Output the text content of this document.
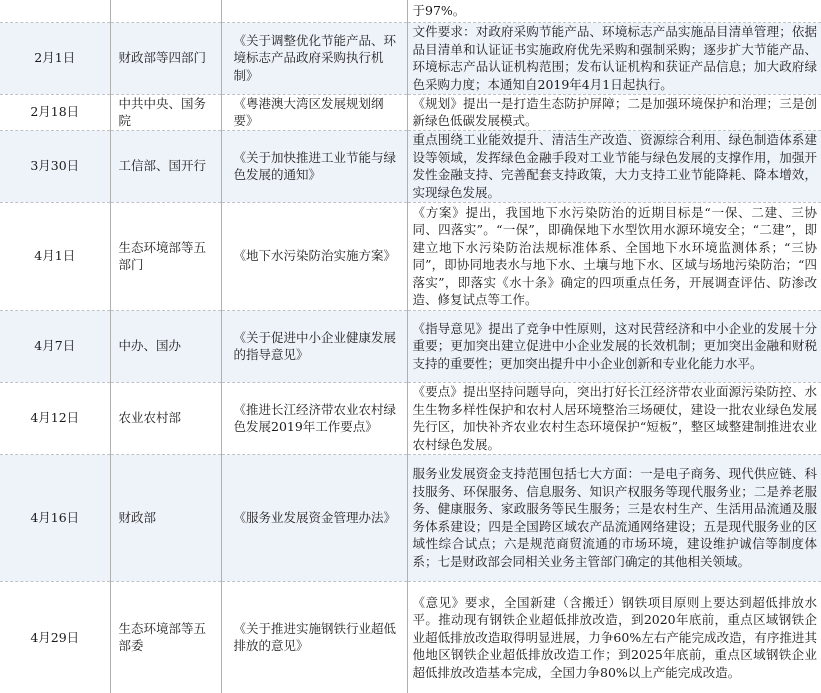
			于97%。

2月1日	财政部等四部门	《关于调整优化节能产品、环境标志产品政府采购执行机制》	文件要求：对政府采购节能产品、环境标志产品实施品目清单管理；依据品目清单和认证证书实施政府优先采购和强制采购；逐步扩大节能产品、环境标志产品认证机构范围；发布认证机构和获证产品信息；加大政府绿色采购力度；本通知自2019年4月1日起执行。

2月18日	中共中央、国务院	《粤港澳大湾区发展规划纲要》	《规划》提出一是打造生态防护屏障；二是加强环境保护和治理；三是创新绿色低碳发展模式。

3月30日	工信部、国开行	《关于加快推进工业节能与绿色发展的通知》	重点围绕工业能效提升、清洁生产改造、资源综合利用、绿色制造体系建设等领域，发挥绿色金融手段对工业节能与绿色发展的支撑作用，加强开发性金融支持、完善配套支持政策，大力支持工业节能降耗、降本增效，实现绿色发展。

4月1日	生态环境部等五部门	《地下水污染防治实施方案》	《方案》提出，我国地下水污染防治的近期目标是“一保、二建、三协同、四落实”。“一保”，即确保地下水型饮用水源环境安全；“二建”，即建立地下水污染防治法规标准体系、全国地下水环境监测体系；“三协同”，即协同地表水与地下水、土壤与地下水、区域与场地污染防治；“四落实”，即落实《水十条》确定的四项重点任务，开展调查评估、防渗改造、修复试点等工作。

4月7日	中办、国办	《关于促进中小企业健康发展的指导意见》	《指导意见》提出了竞争中性原则，这对民营经济和中小企业的发展十分重要；更加突出建立促进中小企业发展的长效机制；更加突出金融和财税支持的重要性；更加突出提升中小企业创新和专业化能力水平。

4月12日	农业农村部	《推进长江经济带农业农村绿色发展2019年工作要点》	《要点》提出坚持问题导向，突出打好长江经济带农业面源污染防控、水生生物多样性保护和农村人居环境整治三场硬仗，建设一批农业绿色发展先行区，加快补齐农业农村生态环境保护“短板”，整区域整建制推进农业农村绿色发展。

4月16日	财政部	《服务业发展资金管理办法》	服务业发展资金支持范围包括七大方面：一是电子商务、现代供应链、科技服务、环保服务、信息服务、知识产权服务等现代服务业；二是养老服务、健康服务、家政服务等民生服务；三是农村生产、生活用品流通及服务体系建设；四是全国跨区域农产品流通网络建设；五是现代服务业的区域性综合试点；六是规范商贸流通的市场环境，建设维护诚信等制度体系；七是财政部会同相关业务主管部门确定的其他相关领域。

4月29日	生态环境部等五部委	《关于推进实施钢铁行业超低排放的意见》	《意见》要求，全国新建（含搬迁）钢铁项目原则上要达到超低排放水平。推动现有钢铁企业超低排放改造，到2020年底前，重点区域钢铁企业超低排放改造取得明显进展，力争60%左右产能完成改造，有序推进其他地区钢铁企业超低排放改造工作；到2025年底前，重点区域钢铁企业超低排放改造基本完成，全国力争80%以上产能完成改造。
